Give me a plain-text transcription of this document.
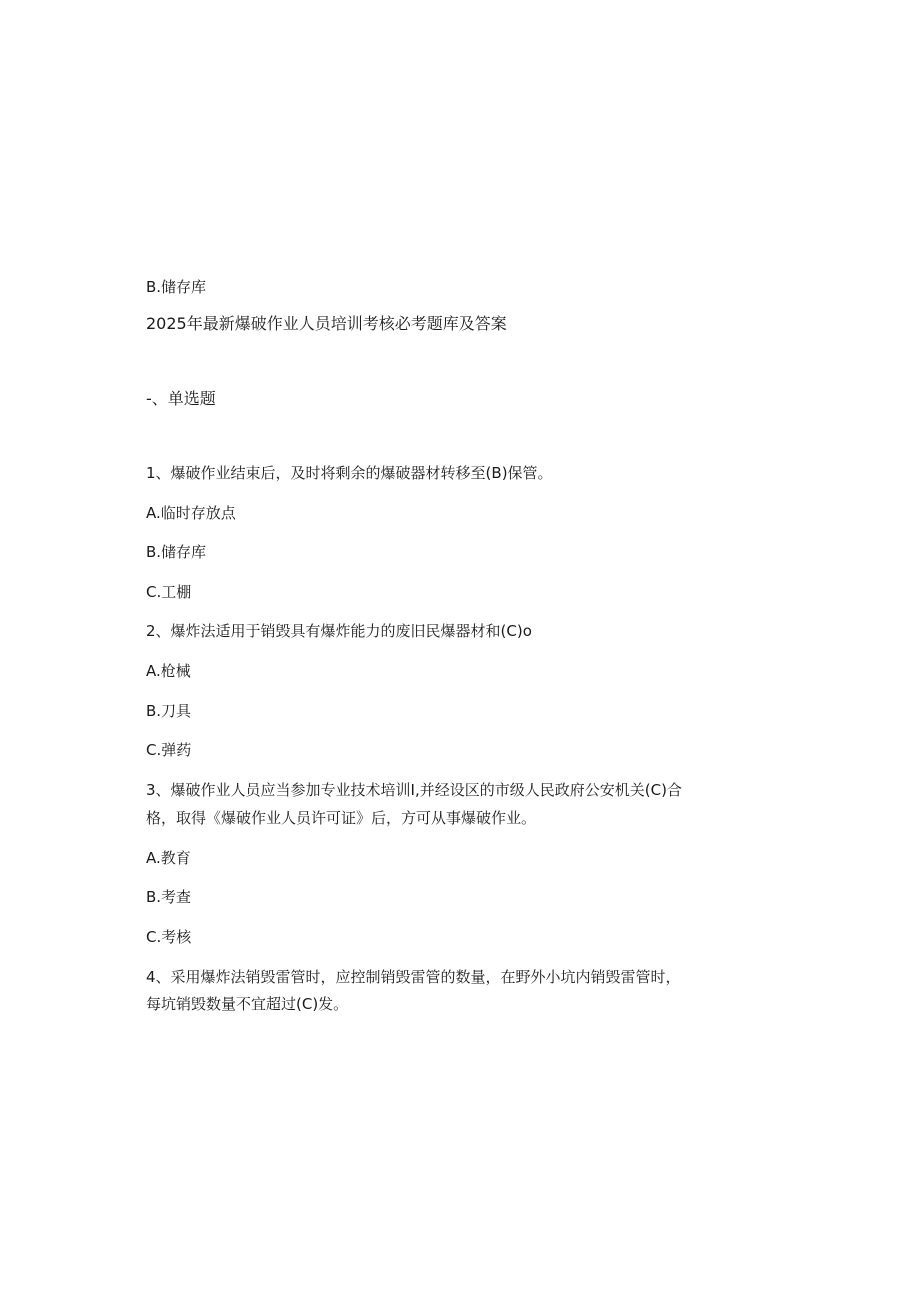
B.储存库
2025年最新爆破作业人员培训考核必考题库及答案
-、单选题
1、爆破作业结束后，及时将剩余的爆破器材转移至(B)保管。
A.临时存放点
B.储存库
C.工棚
2、爆炸法适用于销毁具有爆炸能力的废旧民爆器材和(C)o
A.枪械
B.刀具
C.弹药
3、爆破作业人员应当参加专业技术培训I,并经设区的市级人民政府公安机关(C)合
格，取得《爆破作业人员许可证》后，方可从事爆破作业。
A.教育
B.考查
C.考核
4、采用爆炸法销毁雷管时，应控制销毁雷管的数量，在野外小坑内销毁雷管时，
每坑销毁数量不宜超过(C)发。
